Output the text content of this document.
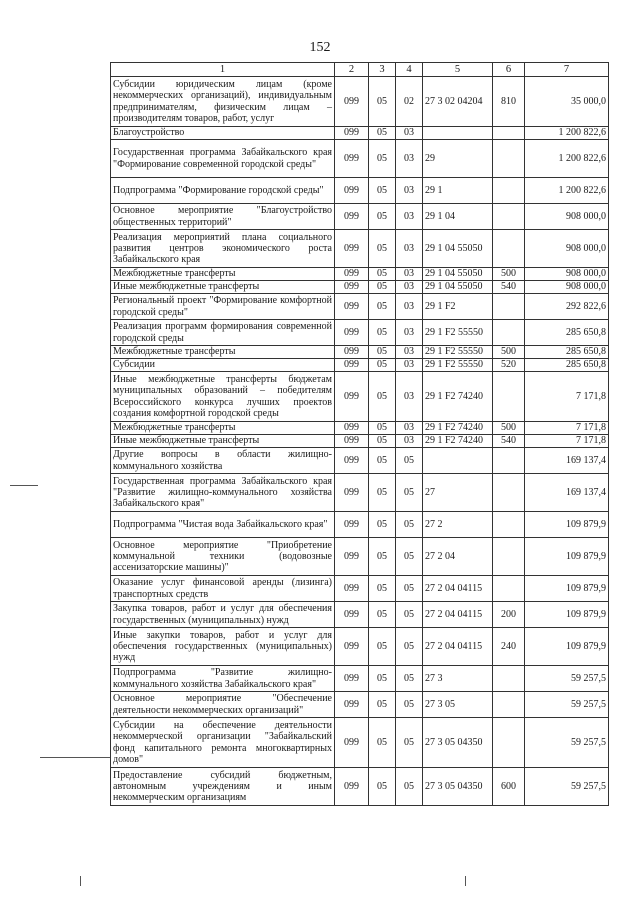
152
1	2	3	4	5	6	7
Субсидии юридическим лицам (кроме некоммерческих организаций), индивидуальным предпринимателям, физическим лицам – производителям товаров, работ, услуг	099	05	02	27 3 02 04204	810	35 000,0
Благоустройство	099	05	03			1 200 822,6
Государственная программа Забайкальского края "Формирование современной городской среды"	099	05	03	29		1 200 822,6
Подпрограмма "Формирование городской среды"	099	05	03	29 1		1 200 822,6
Основное мероприятие "Благоустройство общественных территорий"	099	05	03	29 1 04		908 000,0
Реализация мероприятий плана социального развития центров экономического роста Забайкальского края	099	05	03	29 1 04 55050		908 000,0
Межбюджетные трансферты	099	05	03	29 1 04 55050	500	908 000,0
Иные межбюджетные трансферты	099	05	03	29 1 04 55050	540	908 000,0
Региональный проект "Формирование комфортной городской среды"	099	05	03	29 1 F2		292 822,6
Реализация программ формирования современной городской среды	099	05	03	29 1 F2 55550		285 650,8
Межбюджетные трансферты	099	05	03	29 1 F2 55550	500	285 650,8
Субсидии	099	05	03	29 1 F2 55550	520	285 650,8
Иные межбюджетные трансферты бюджетам муниципальных образований – победителям Всероссийского конкурса лучших проектов создания комфортной городской среды	099	05	03	29 1 F2 74240		7 171,8
Межбюджетные трансферты	099	05	03	29 1 F2 74240	500	7 171,8
Иные межбюджетные трансферты	099	05	03	29 1 F2 74240	540	7 171,8
Другие вопросы в области жилищно-коммунального хозяйства	099	05	05			169 137,4
Государственная программа Забайкальского края "Развитие жилищно-коммунального хозяйства Забайкальского края"	099	05	05	27		169 137,4
Подпрограмма "Чистая вода Забайкальского края"	099	05	05	27 2		109 879,9
Основное мероприятие "Приобретение коммунальной техники (водовозные ассенизаторские машины)"	099	05	05	27 2 04		109 879,9
Оказание услуг финансовой аренды (лизинга) транспортных средств	099	05	05	27 2 04 04115		109 879,9
Закупка товаров, работ и услуг для обеспечения государственных (муниципальных) нужд	099	05	05	27 2 04 04115	200	109 879,9
Иные закупки товаров, работ и услуг для обеспечения государственных (муниципальных) нужд	099	05	05	27 2 04 04115	240	109 879,9
Подпрограмма "Развитие жилищно-коммунального хозяйства Забайкальского края"	099	05	05	27 3		59 257,5
Основное мероприятие "Обеспечение деятельности некоммерческих организаций"	099	05	05	27 3 05		59 257,5
Субсидии на обеспечение деятельности некоммерческой организации "Забайкальский фонд капитального ремонта многоквартирных домов"	099	05	05	27 3 05 04350		59 257,5
Предоставление субсидий бюджетным, автономным учреждениям и иным некоммерческим организациям	099	05	05	27 3 05 04350	600	59 257,5
